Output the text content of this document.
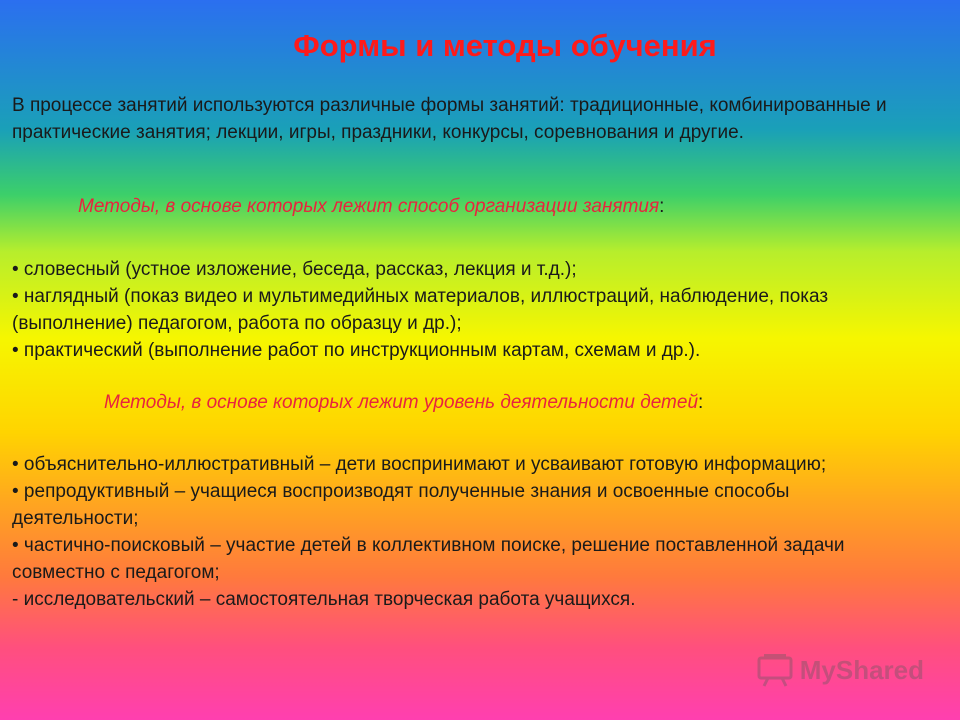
Формы и методы обучения

В процессе занятий используются различные формы занятий: традиционные, комбинированные и практические занятия; лекции, игры, праздники, конкурсы, соревнования и другие.

Методы, в основе которых лежит способ организации занятия:

• словесный (устное изложение, беседа, рассказ, лекция и т.д.);
• наглядный (показ видео и мультимедийных материалов, иллюстраций, наблюдение, показ (выполнение) педагогом, работа по образцу и др.);
• практический (выполнение работ по инструкционным картам, схемам и др.).

Методы, в основе которых лежит уровень деятельности детей:

• объяснительно-иллюстративный – дети воспринимают и усваивают готовую информацию;
• репродуктивный – учащиеся воспроизводят полученные знания и освоенные способы деятельности;
• частично-поисковый – участие детей в коллективном поиске, решение поставленной задачи совместно с педагогом;
- исследовательский – самостоятельная творческая работа учащихся.
MyShared
